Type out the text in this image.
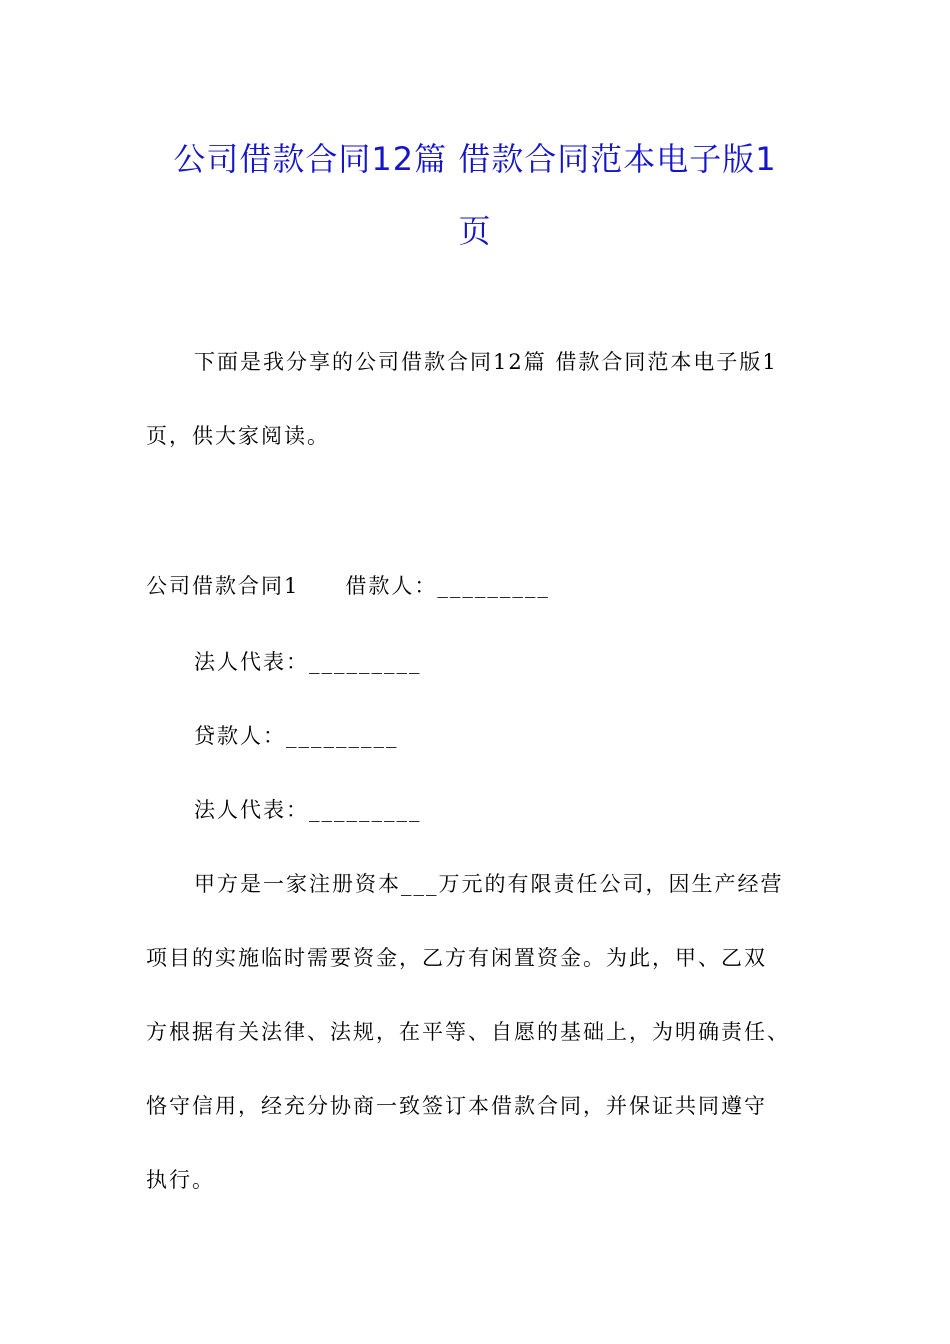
公司借款合同12篇 借款合同范本电子版1
页
下面是我分享的公司借款合同12篇 借款合同范本电子版1
页，供大家阅读。
公司借款合同1　　借款人：_________
法人代表：_________
贷款人：_________
法人代表：_________
甲方是一家注册资本___万元的有限责任公司，因生产经营
项目的实施临时需要资金，乙方有闲置资金。为此，甲、乙双
方根据有关法律、法规，在平等、自愿的基础上，为明确责任、
恪守信用，经充分协商一致签订本借款合同，并保证共同遵守
执行。
